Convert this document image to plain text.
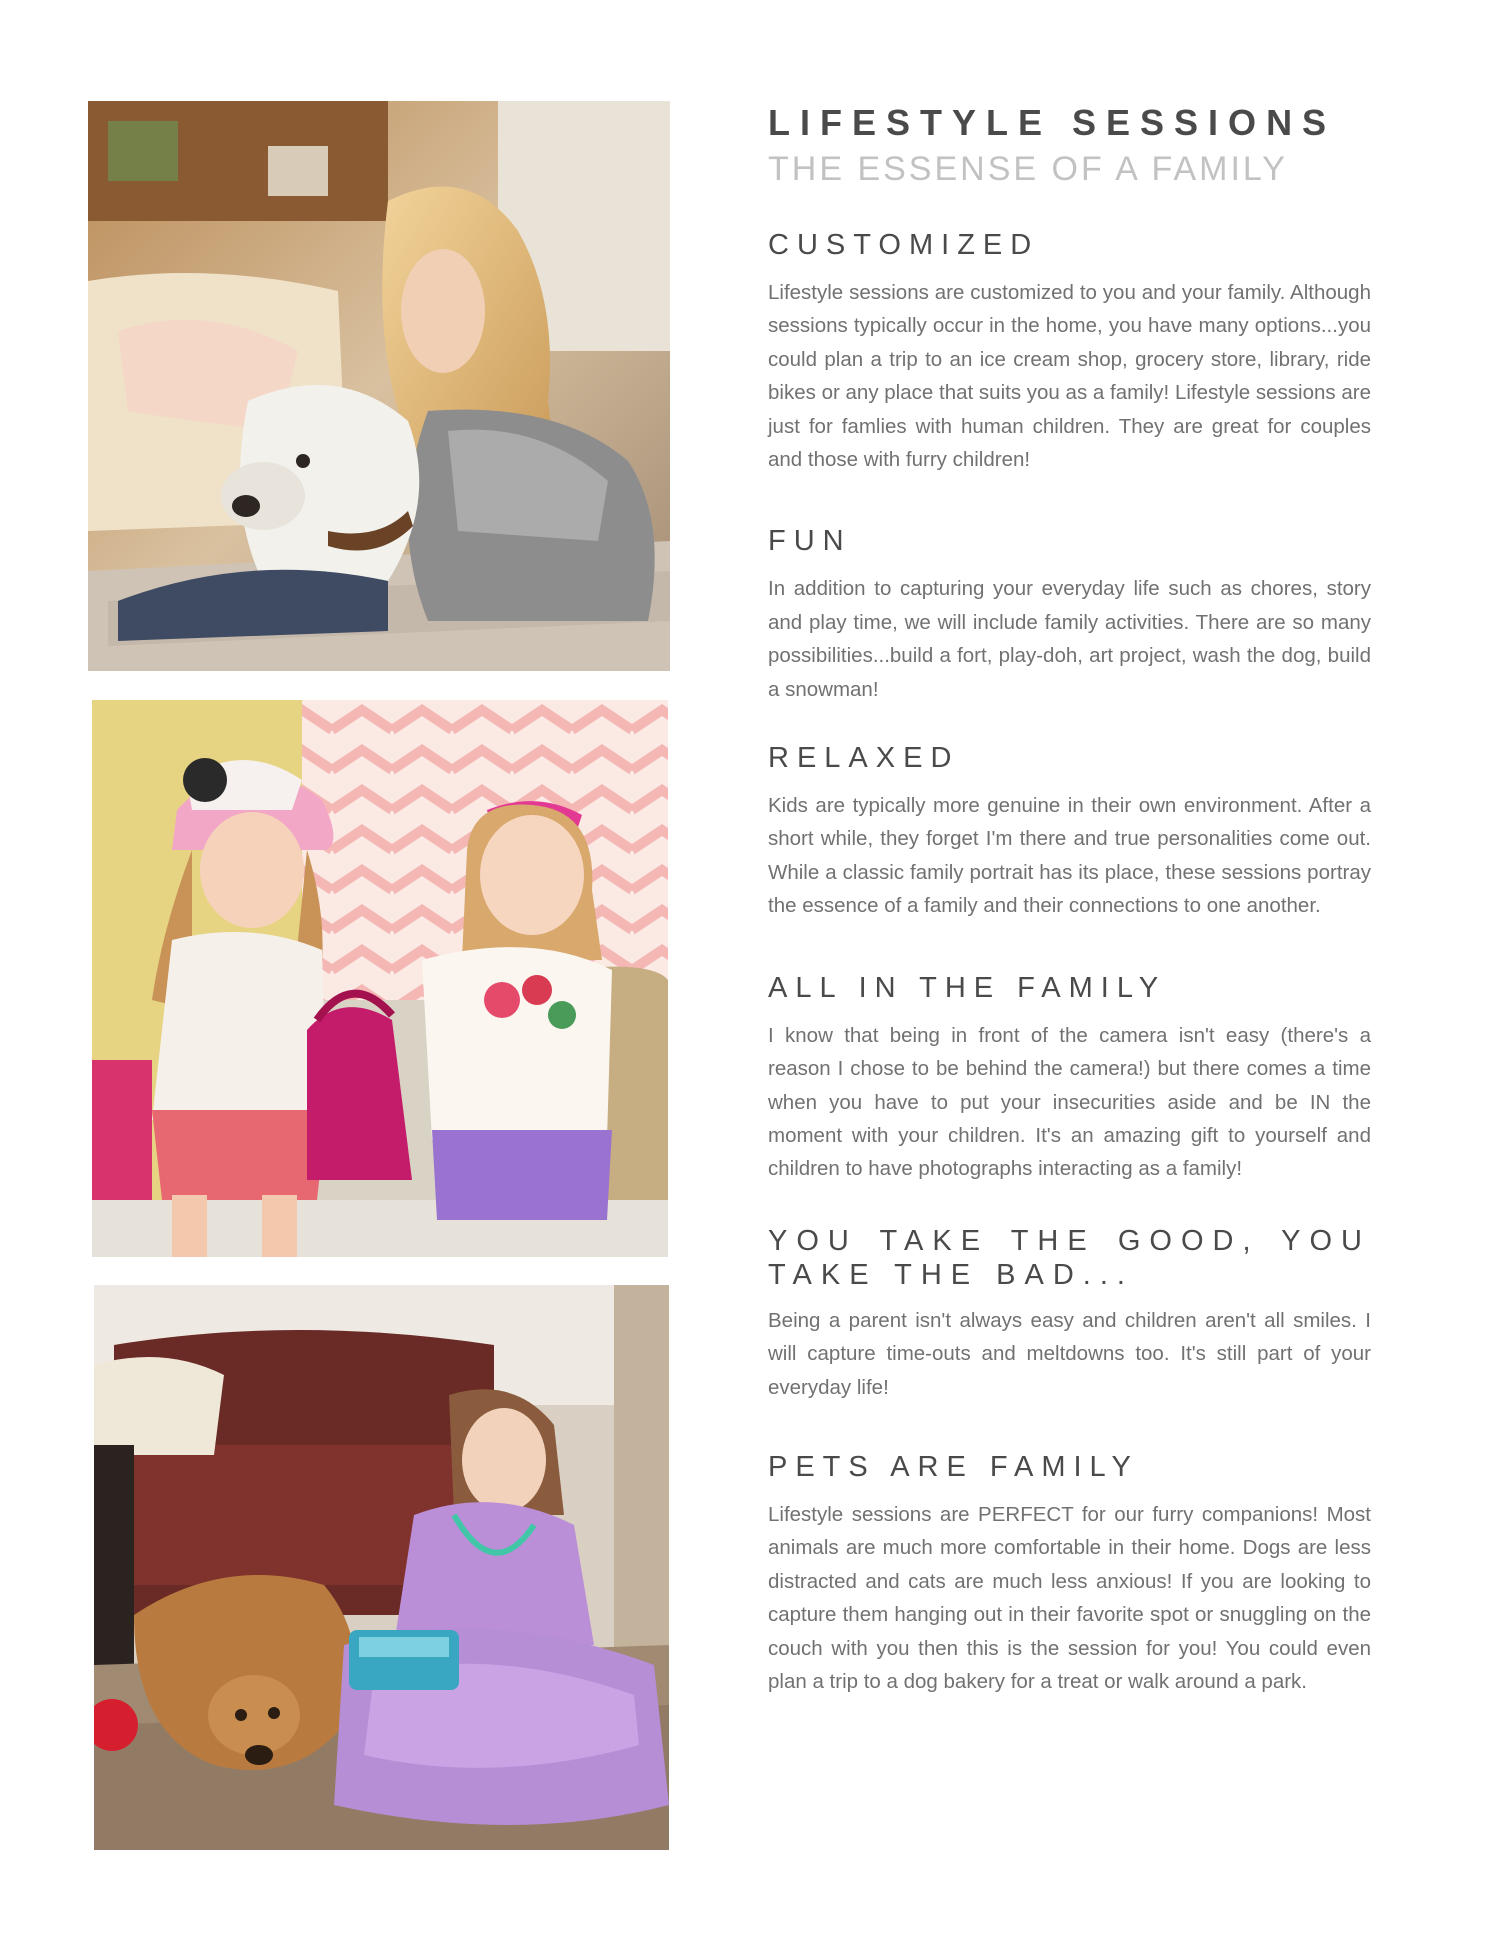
LIFESTYLE SESSIONS
THE ESSENSE OF A FAMILY
CUSTOMIZED

Lifestyle sessions are customized to you and your family. Although sessions typically occur in the home, you have many options...you could plan a trip to an ice cream shop, grocery store, library, ride bikes or any place that suits you as a family! Lifestyle sessions are just for famlies with human children. They are great for couples and those with furry children!

FUN

In addition to capturing your everyday life such as chores, story and play time, we will include family activities. There are so many possibilities...build a fort, play-doh, art project, wash the dog, build a snowman!

RELAXED

Kids are typically more genuine in their own environment. After a short while, they forget I'm there and true personalities come out. While a classic family portrait has its place, these sessions portray the essence of a family and their connections to one another.

ALL IN THE FAMILY

I know that being in front of the camera isn't easy (there's a reason I chose to be behind the camera!) but there comes a time when you have to put your insecurities aside and be IN the moment with your children. It's an amazing gift to yourself and children to have photographs interacting as a family!

YOU TAKE THE GOOD, YOU TAKE THE BAD...

Being a parent isn't always easy and children aren't all smiles. I will capture time-outs and meltdowns too. It's still part of your everyday life!

PETS ARE FAMILY

Lifestyle sessions are PERFECT for our furry companions! Most animals are much more comfortable in their home. Dogs are less distracted and cats are much less anxious! If you are looking to capture them hanging out in their favorite spot or snuggling on the couch with you then this is the session for you! You could even plan a trip to a dog bakery for a treat or walk around a park.
